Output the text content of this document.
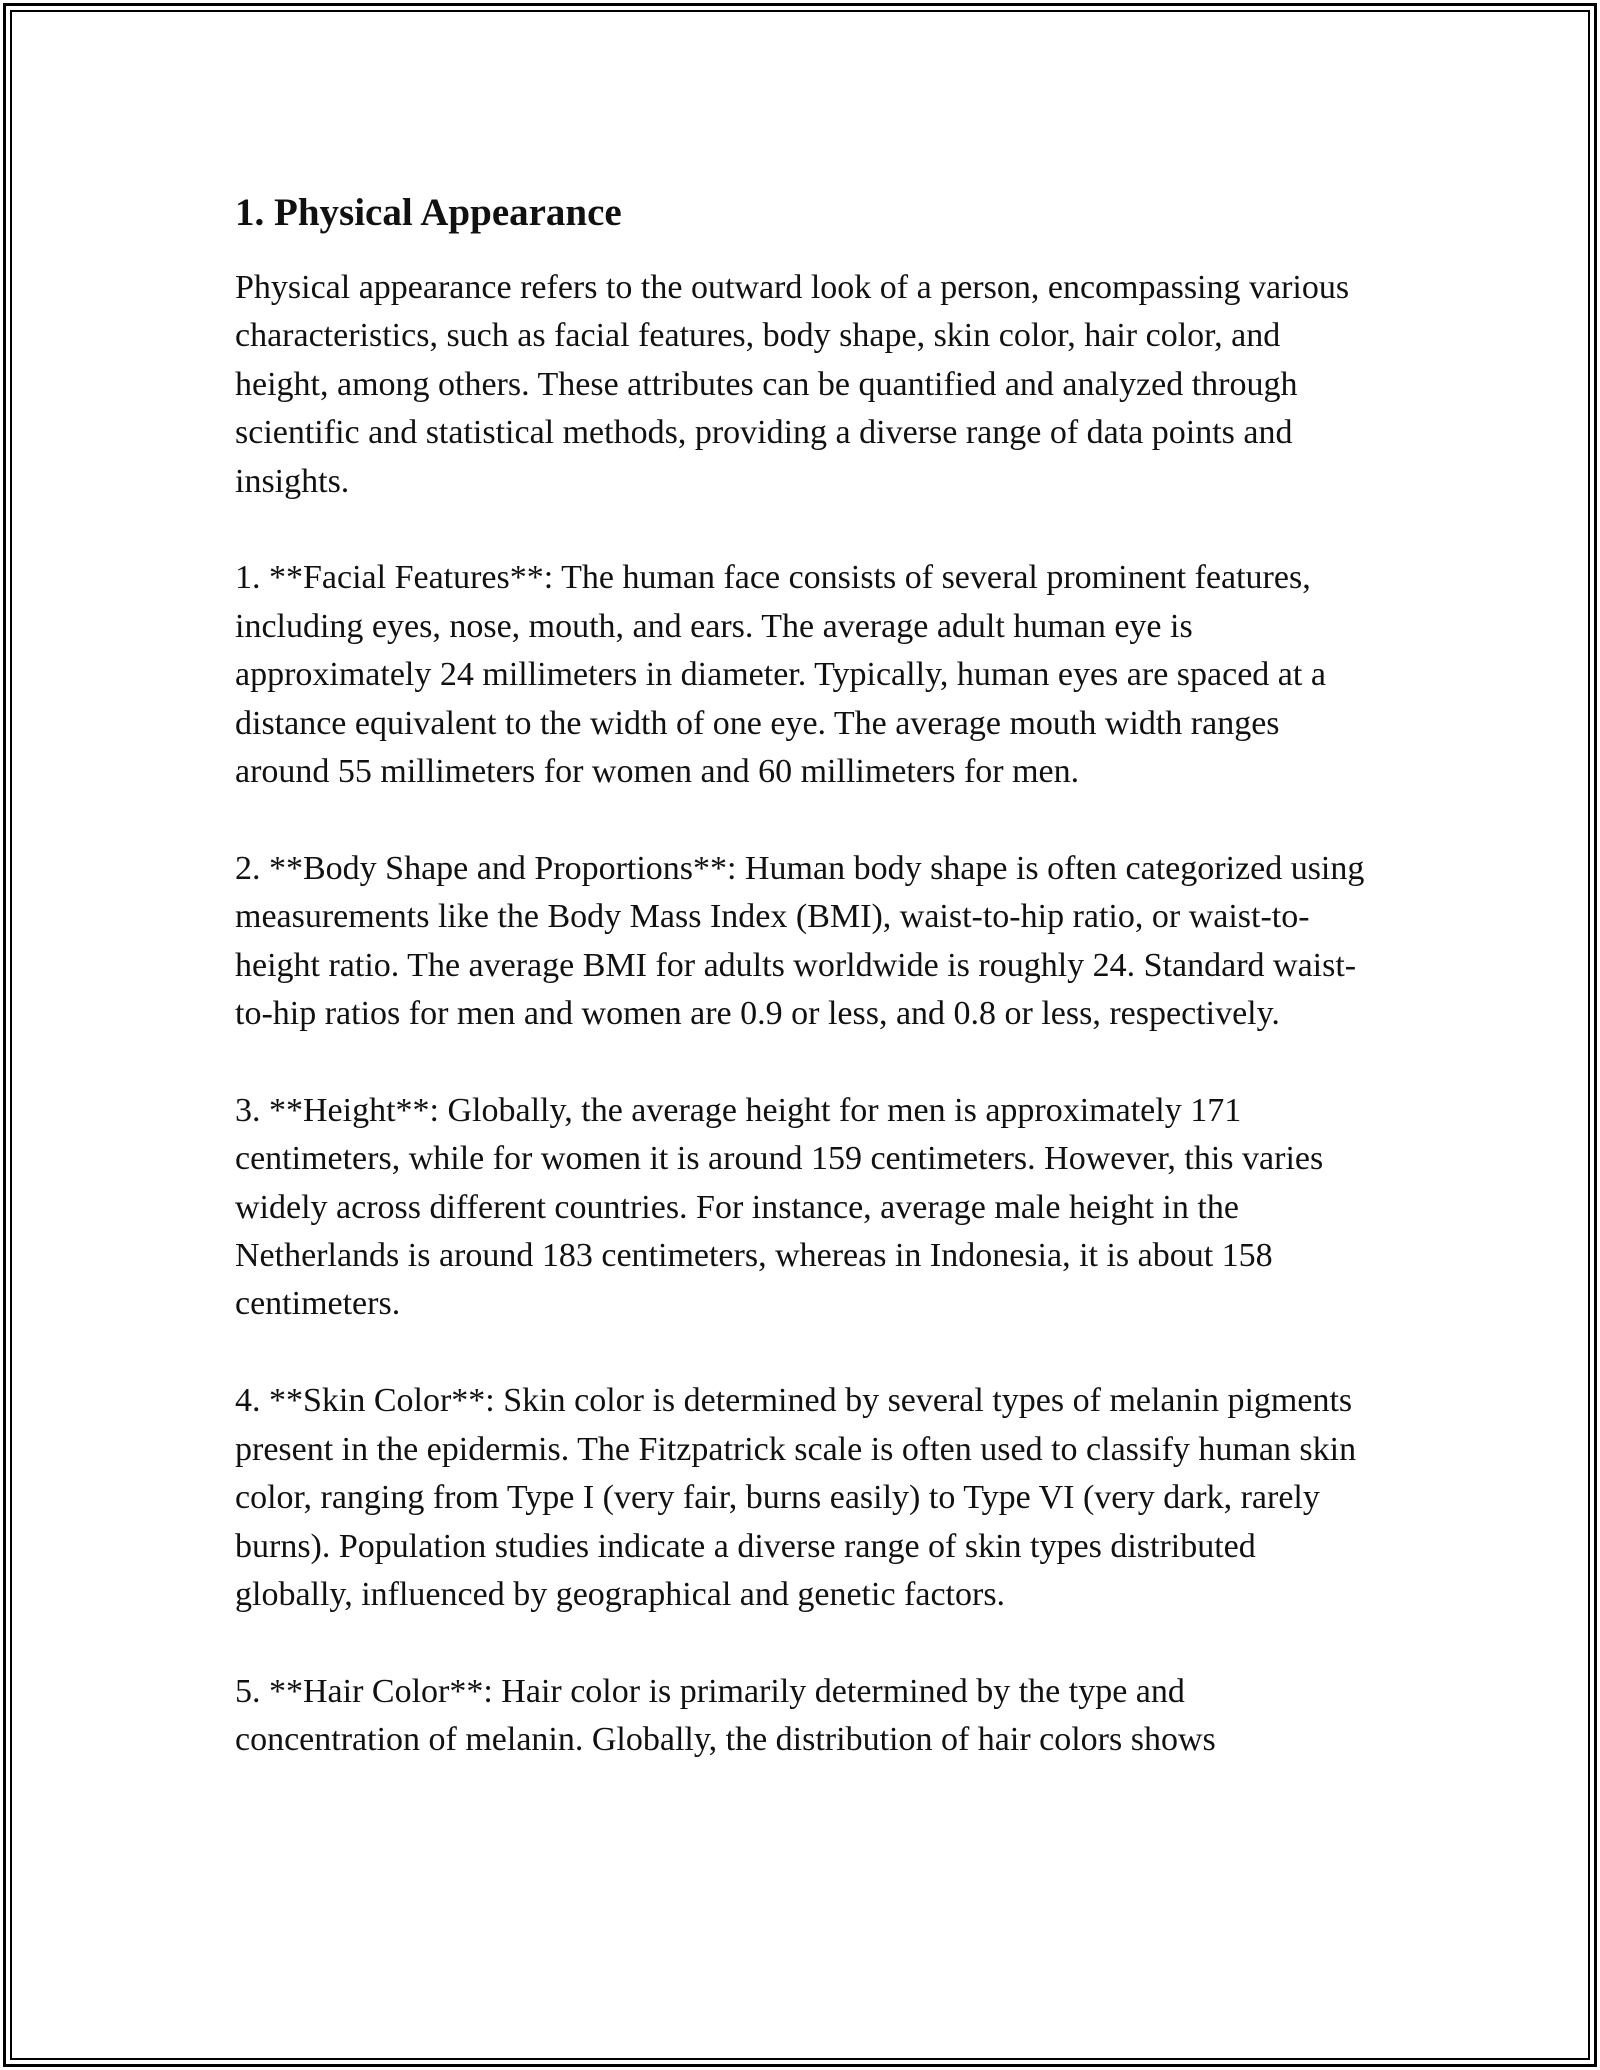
1. Physical Appearance

Physical appearance refers to the outward look of a person, encompassing various characteristics, such as facial features, body shape, skin color, hair color, and height, among others. These attributes can be quantified and analyzed through scientific and statistical methods, providing a diverse range of data points and insights.

1. **Facial Features**: The human face consists of several prominent features, including eyes, nose, mouth, and ears. The average adult human eye is approximately 24 millimeters in diameter. Typically, human eyes are spaced at a distance equivalent to the width of one eye. The average mouth width ranges around 55 millimeters for women and 60 millimeters for men.

2. **Body Shape and Proportions**: Human body shape is often categorized using measurements like the Body Mass Index (BMI), waist-to-hip ratio, or waist-to-height ratio. The average BMI for adults worldwide is roughly 24. Standard waist-to-hip ratios for men and women are 0.9 or less, and 0.8 or less, respectively.

3. **Height**: Globally, the average height for men is approximately 171 centimeters, while for women it is around 159 centimeters. However, this varies widely across different countries. For instance, average male height in the Netherlands is around 183 centimeters, whereas in Indonesia, it is about 158 centimeters.

4. **Skin Color**: Skin color is determined by several types of melanin pigments present in the epidermis. The Fitzpatrick scale is often used to classify human skin color, ranging from Type I (very fair, burns easily) to Type VI (very dark, rarely burns). Population studies indicate a diverse range of skin types distributed globally, influenced by geographical and genetic factors.

5. **Hair Color**: Hair color is primarily determined by the type and concentration of melanin. Globally, the distribution of hair colors shows
